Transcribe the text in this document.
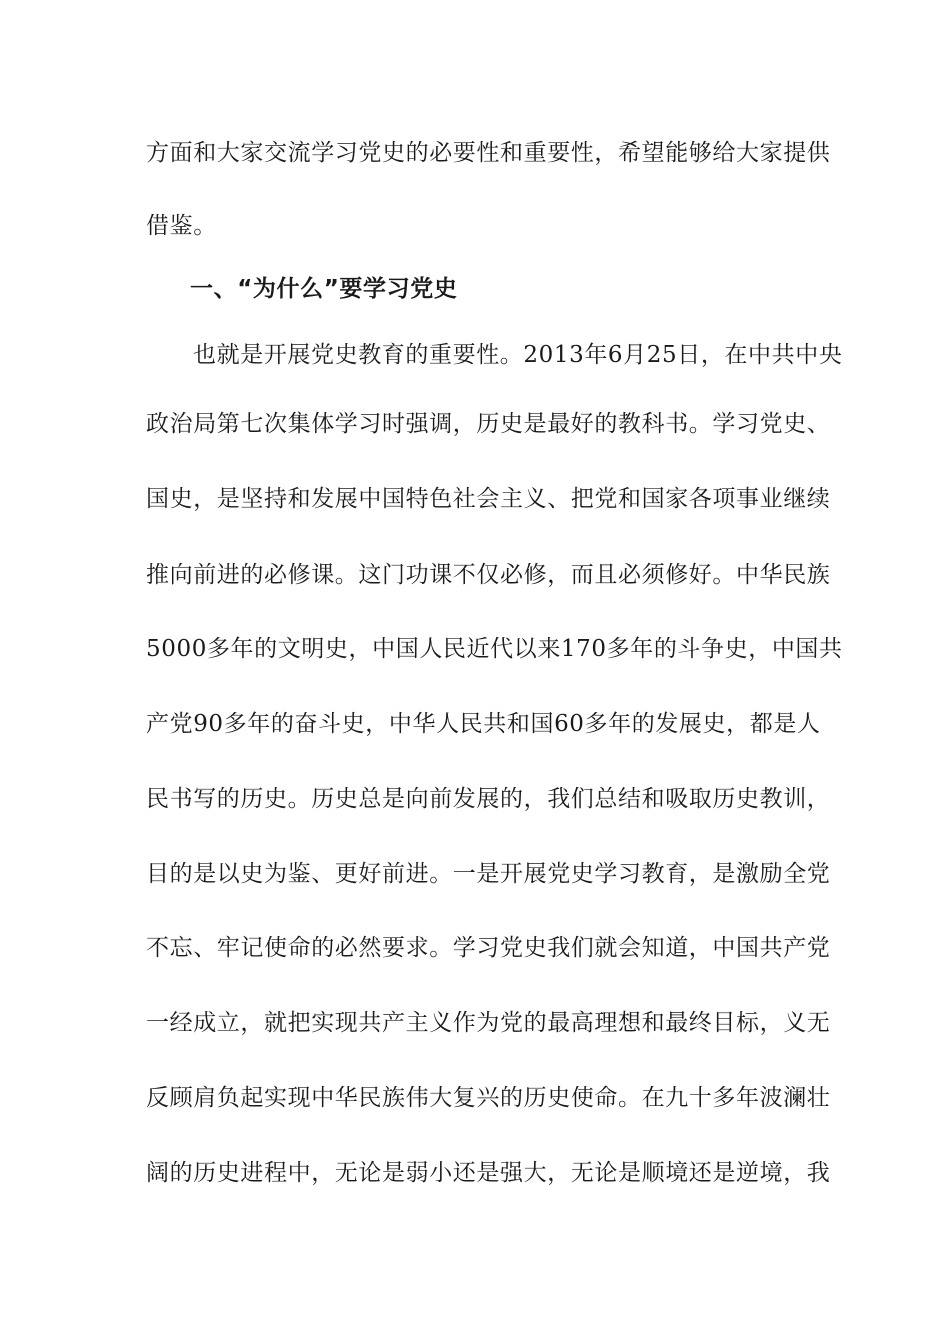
方面和大家交流学习党史的必要性和重要性，希望能够给大家提供
借鉴。
一、“为什么”要学习党史
也就是开展党史教育的重要性。2013年6月25日，在中共中央
政治局第七次集体学习时强调，历史是最好的教科书。学习党史、
国史，是坚持和发展中国特色社会主义、把党和国家各项事业继续
推向前进的必修课。这门功课不仅必修，而且必须修好。中华民族
5000多年的文明史，中国人民近代以来170多年的斗争史，中国共
产党90多年的奋斗史，中华人民共和国60多年的发展史，都是人
民书写的历史。历史总是向前发展的，我们总结和吸取历史教训，
目的是以史为鉴、更好前进。一是开展党史学习教育，是激励全党
不忘、牢记使命的必然要求。学习党史我们就会知道，中国共产党
一经成立，就把实现共产主义作为党的最高理想和最终目标，义无
反顾肩负起实现中华民族伟大复兴的历史使命。在九十多年波澜壮
阔的历史进程中，无论是弱小还是强大，无论是顺境还是逆境，我
